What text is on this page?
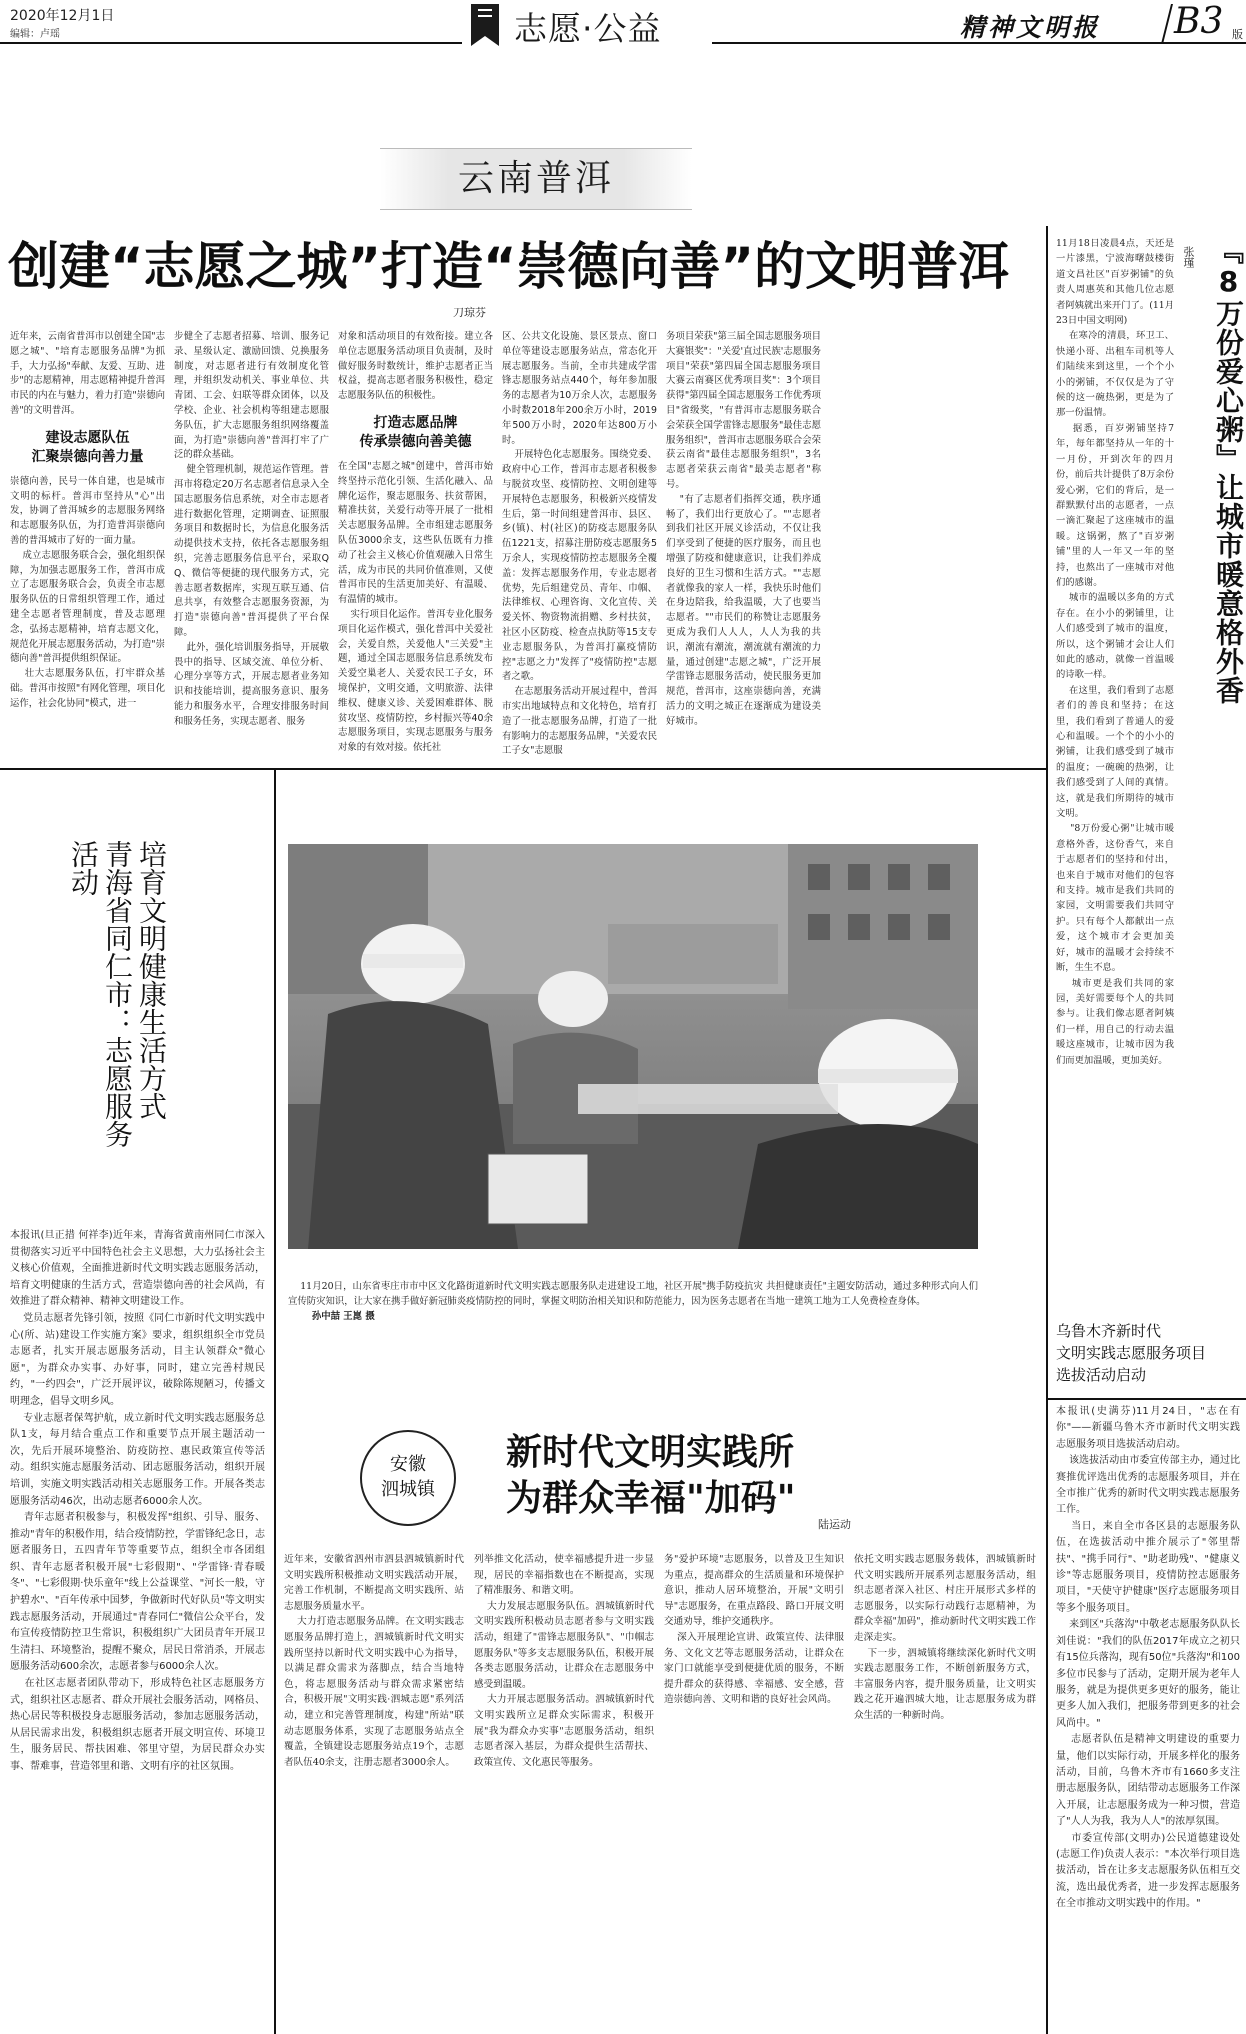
2020年12月1日
编辑：卢瑶	志愿·公益	精神文明报 B3 版
云南普洱
创建“志愿之城”打造“崇德向善”的文明普洱
刀琼芬

近年来，云南省普洱市以创建全国"志愿之城"、"培育志愿服务品牌"为抓手，大力弘扬"奉献、友爱、互助、进步"的志愿精神，用志愿精神提升普洱市民的内在与魅力，着力打造"崇德向善"的文明普洱。

建设志愿队伍
汇聚崇德向善力量

崇德向善，民号一体自建，也是城市文明的标杆。普洱市坚持从"心"出发，协调了普洱城乡的志愿服务网络和志愿服务队伍，为打造普洱崇德向善的普洱城市了好的一面力量。
成立志愿服务联合会，强化组织保障，为加强志愿服务工作，普洱市成立了志愿服务联合会，负责全市志愿服务队伍的日常组织管理工作，通过建全志愿者管理制度，普及志愿理念，弘扬志愿精神，培育志愿文化，规范化开展志愿服务活动，为打造"崇德向善"普洱提供组织保证。
壮大志愿服务队伍，打牢群众基础。普洱市按照"有网化管理，项目化运作，社会化协同"模式，进一

步健全了志愿者招募、培训、服务记录、星级认定、激励回馈、兑换服务制度，对志愿者进行有效制度化管理，并组织发动机关、事业单位、共青团、工会、妇联等群众团体，以及学校、企业、社会机构等组建志愿服务队伍，扩大志愿服务组织网络覆盖面，为打造"崇德向善"普洱打牢了广泛的群众基础。
健全管理机制，规范运作管理。普洱市将稳定20万名志愿者信息录入全国志愿服务信息系统，对全市志愿者进行数据化管理，定期调查、证照服务项目和数据时长，为信息化服务活动提供技术支持，依托各志愿服务组织，完善志愿服务信息平台，采取QQ、微信等便捷的现代服务方式，完善志愿者数据库，实现互联互通、信息共享，有效整合志愿服务资源，为打造"崇德向善"普洱提供了平台保障。
此外，强化培训服务指导，开展敬畏中的指导、区域交流、单位分析、心理分享等方式，开展志愿者业务知识和技能培训，提高服务意识、服务能力和服务水平，合理安排服务时间和服务任务，实现志愿者、服务

对象和活动项目的有效衔接。建立各单位志愿服务活动项目负责制，及时做好服务时数统计，维护志愿者正当权益，提高志愿者服务积极性，稳定志愿服务队伍的积极性。

打造志愿品牌
传承崇德向善美德

在全国"志愿之城"创建中，普洱市始终坚持示范化引领、生活化融入、品牌化运作，聚志愿服务、扶贫帮困，精准扶贫，关爱行动等开展了一批相关志愿服务品牌。全市组建志愿服务队伍3000余支，这些队伍既有力推动了社会主义核心价值观融入日常生活，成为市民的共同价值准则，又使普洱市民的生活更加美好、有温暖、有温情的城市。
实行项目化运作。普洱专业化服务项目化运作模式，强化普洱中关爱社会，关爱自然，关爱他人"三关爱"主题，通过全国志愿服务信息系统发布关爱空巢老人、关爱农民工子女，环境保护，文明交通，文明旅游、法律维权、健康义诊、关爱困难群体、脱贫攻坚、疫情防控，乡村振兴等40余志愿服务项目，实现志愿服务与服务对象的有效对接。依托社

区、公共文化设施、景区景点、窗口单位等建设志愿服务站点，常态化开展志愿服务。当前，全市共建成学雷锋志愿服务站点440个，每年参加服务的志愿者为10万余人次，志愿服务小时数2018年200余万小时，2019年500万小时，2020年达800万小时。
开展特色化志愿服务。围绕党委、政府中心工作，普洱市志愿者积极参与脱贫攻坚、疫情防控、文明创建等开展特色志愿服务，积极新兴疫情发生后，第一时间组建普洱市、县区、乡(镇)、村(社区)的防疫志愿服务队伍1221支，招募注册防疫志愿服务5万余人，实现疫情防控志愿服务全覆盖：发挥志愿服务作用，专业志愿者优势，先后组建党员、青年、巾帼、法律维权、心理咨询、文化宣传、关爱关怀、物资物流捐赠、乡村扶贫，社区小区防疫、检查点执防等15支专业志愿服务队，为普洱打赢疫情防控"志愿之力"发挥了"疫情防控"志愿者之歌。
在志愿服务活动开展过程中，普洱市实出地域特点和文化特色，培育打造了一批志愿服务品牌，打造了一批有影响力的志愿服务品牌，"关爱农民工子女"志愿服

务项目荣获"第三届全国志愿服务项目大赛银奖"："关爱'直过民族'志愿服务项目"荣获"第四届全国志愿服务项目大赛云南赛区优秀项目奖"：3个项目获得"第四届全国志愿服务工作优秀项目"省级奖，"有普洱市志愿服务联合会荣获全国学雷锋志愿服务"最佳志愿服务组织"，普洱市志愿服务联合会荣获云南省"最佳志愿服务组织"，3名志愿者荣获云南省"最美志愿者"称号。
"有了志愿者们指挥交通，秩序通畅了，我们出行更放心了。""志愿者到我们社区开展义诊活动，不仅让我们享受到了便捷的医疗服务，而且也增强了防疫和健康意识，让我们养成良好的卫生习惯和生活方式。""志愿者就像我的家人一样，我快乐时他们在身边陪我，给我温暖，大了也要当志愿者。""市民们的称赞让志愿服务更成为我们人人人，人人为我的共识，潮流有潮流，潮流就有潮流的力量，通过创建"志愿之城"，广泛开展学雷锋志愿服务活动，使民服务更加规范，普洱市，这座崇德向善，充满活力的文明之城正在逐渐成为建设美好城市。

『8万份爱心粥』让城市暖意格外香
张瑾

11月18日凌晨4点，天还是一片漆黑，宁波海曙鼓楼街道文昌社区"百岁粥铺"的负责人周惠英和其他几位志愿者阿姨就出来开门了。(11月23日中国文明网)
在寒冷的清晨，环卫工、快递小哥、出租车司机等人们陆续来到这里，一个个小小的粥铺，不仅仅是为了守候的这一碗热粥，更是为了那一份温情。
据悉，百岁粥铺坚持7年，每年都坚持从一年的十一月份，开到次年的四月份，前后共计提供了8万余份爱心粥，它们的背后，是一群默默付出的志愿者，一点一滴汇聚起了这座城市的温暖。这锅粥，熬了"百岁粥铺"里的人一年又一年的坚持，也熬出了一座城市对他们的感谢。
城市的温暖以多角的方式存在。在小小的粥铺里，让人们感受到了城市的温度，所以，这个粥铺才会让人们如此的感动，就像一首温暖的诗歌一样。
在这里，我们看到了志愿者们的善良和坚持；在这里，我们看到了普通人的爱心和温暖。一个个的小小的粥铺，让我们感受到了城市的温度；一碗碗的热粥，让我们感受到了人间的真情。这，就是我们所期待的城市文明。
"8万份爱心粥"让城市暖意格外香，这份香气，来自于志愿者们的坚持和付出，也来自于城市对他们的包容和支持。城市是我们共同的家园，文明需要我们共同守护。只有每个人都献出一点爱，这个城市才会更加美好，城市的温暖才会持续不断，生生不息。
城市更是我们共同的家园，美好需要每个人的共同参与。让我们像志愿者阿姨们一样，用自己的行动去温暖这座城市，让城市因为我们而更加温暖，更加美好。

培育文明健康生活方式
青海省同仁市：志愿服务活动

本报讯(旦正措 何祥李)近年来，青海省黄南州同仁市深入贯彻落实习近平中国特色社会主义思想，大力弘扬社会主义核心价值观，全面推进新时代文明实践志愿服务活动，培育文明健康的生活方式，营造崇德向善的社会风尚，有效推进了群众精神、精神文明建设工作。
党员志愿者先锋引领，按照《同仁市新时代文明实践中心(所、站)建设工作实施方案》要求，组织组织全市党员志愿者，扎实开展志愿服务活动，目主认领群众"微心愿"，为群众办实事、办好事，同时，建立完善村规民约，"一约四会"，广泛开展评议，破除陈规陋习，传播文明理念，倡导文明乡风。
专业志愿者保驾护航，成立新时代文明实践志愿服务总队1支，每月结合重点工作和重要节点开展主题活动一次，先后开展环境整治、防疫防控、惠民政策宣传等活动。组织实施志愿服务活动、团志愿服务活动，组织开展培训，实施文明实践活动相关志愿服务工作。开展各类志愿服务活动46次，出动志愿者6000余人次。
青年志愿者积极参与，积极发挥"组织、引导、服务、推动"青年的积极作用，结合疫情防控，学雷锋纪念日，志愿者服务日，五四青年节等重要节点，组织全市各团组织、青年志愿者积极开展"七彩假期"、"学雷锋·青春暖冬"、"七彩假期·快乐童年"线上公益课堂、"河长一般，守护碧水"、"百年传承中国梦，争做新时代好队员"等文明实践志愿服务活动，开展通过"青春同仁"微信公众平台，发布宣传疫情防控卫生常识，积极组织广大团员青年开展卫生清扫、环境整治，提醒不聚众，居民日常消杀，开展志愿服务活动600余次，志愿者参与6000余人次。
在社区志愿者团队带动下，形成特色社区志愿服务方式，组织社区志愿者、群众开展社会服务活动，网格员、热心居民等积极投身志愿服务活动，参加志愿服务活动，从居民需求出发，积极组织志愿者开展文明宣传、环境卫生，服务居民、帮扶困难、邻里守望，为居民群众办实事、帮难事，营造邻里和谐、文明有序的社区氛围。

11月20日，山东省枣庄市市中区文化路街道新时代文明实践志愿服务队走进建设工地，社区开展"携手防疫抗灾 共担健康责任"主题安防活动，通过多种形式向人们宣传防灾知识，让大家在携手做好新冠肺炎疫情防控的同时，掌握文明防治相关知识和防范能力，因为医务志愿者在当地一建筑工地为工人免费检查身体。
孙中喆 王崑 摄

乌鲁木齐新时代
文明实践志愿服务项目
选拔活动启动

本报讯(史满芬)11月24日，"志在有你"——新疆乌鲁木齐市新时代文明实践志愿服务项目选拔活动启动。
该选拔活动由市委宣传部主办，通过比赛推优评选出优秀的志愿服务项目，并在全市推广优秀的新时代文明实践志愿服务工作。
当日，来自全市各区县的志愿服务队伍，在选拔活动中推介展示了"邻里帮扶"、"携手同行"、"助老助残"、"健康义诊"等志愿服务项目，疫情防控志愿服务项目，"天使守护健康"医疗志愿服务项目等多个服务项目。
来到区"兵落沟"中敬老志愿服务队队长刘佳说："我们的队伍2017年成立之初只有15位兵落沟，现有50位"兵落沟"和100多位市民参与了活动，定期开展为老年人服务，就是为提供更多更好的服务，能让更多人加入我们，把服务带到更多的社会风尚中。"
志愿者队伍是精神文明建设的重要力量，他们以实际行动，开展多样化的服务活动，目前，乌鲁木齐市有1660多支注册志愿服务队，团结带动志愿服务工作深入开展，让志愿服务成为一种习惯，营造了"人人为我，我为人人"的浓厚氛围。
市委宣传部(文明办)公民道德建设处(志愿工作)负责人表示："本次举行项目选拔活动，旨在让多支志愿服务队伍相互交流，选出最优秀者，进一步发挥志愿服务在全市推动文明实践中的作用。"

安徽
泗城镇
新时代文明实践所
为群众幸福"加码"
陆运动

近年来，安徽省泗州市泗县泗城镇新时代文明实践所积极推动文明实践活动开展，完善工作机制，不断提高文明实践所、站志愿服务质量水平。
大力打造志愿服务品牌。在文明实践志愿服务品牌打造上，泗城镇新时代文明实践所坚持以新时代文明实践中心为指导，以满足群众需求为落脚点，结合当地特色，将志愿服务活动与群众需求紧密结合，积极开展"文明实践·泗城志愿"系列活动，建立和完善管理制度，构建"所站"联动志愿服务体系，实现了志愿服务站点全覆盖，全镇建设志愿服务站点19个，志愿者队伍40余支，注册志愿者3000余人。

列举推文化活动，使幸福感提升进一步显现，居民的幸福指数也在不断提高，实现了精准服务、和谐文明。
大力发展志愿服务队伍。泗城镇新时代文明实践所积极动员志愿者参与文明实践活动，组建了"雷锋志愿服务队"、"巾帼志愿服务队"等多支志愿服务队伍，积极开展各类志愿服务活动，让群众在志愿服务中感受到温暖。
大力开展志愿服务活动。泗城镇新时代文明实践所立足群众实际需求，积极开展"我为群众办实事"志愿服务活动，组织志愿者深入基层，为群众提供生活帮扶、政策宣传、文化惠民等服务。

务"爱护环境"志愿服务，以普及卫生知识为重点，提高群众的生活质量和环境保护意识，推动人居环境整治，开展"文明引导"志愿服务，在重点路段、路口开展文明交通劝导，维护交通秩序。
深入开展理论宣讲、政策宣传、法律服务、文化文艺等志愿服务活动，让群众在家门口就能享受到便捷优质的服务，不断提升群众的获得感、幸福感、安全感，营造崇德向善、文明和谐的良好社会风尚。

依托文明实践志愿服务载体，泗城镇新时代文明实践所开展系列志愿服务活动，组织志愿者深入社区、村庄开展形式多样的志愿服务，以实际行动践行志愿精神，为群众幸福"加码"，推动新时代文明实践工作走深走实。
下一步，泗城镇将继续深化新时代文明实践志愿服务工作，不断创新服务方式，丰富服务内容，提升服务质量，让文明实践之花开遍泗城大地，让志愿服务成为群众生活的一种新时尚。
